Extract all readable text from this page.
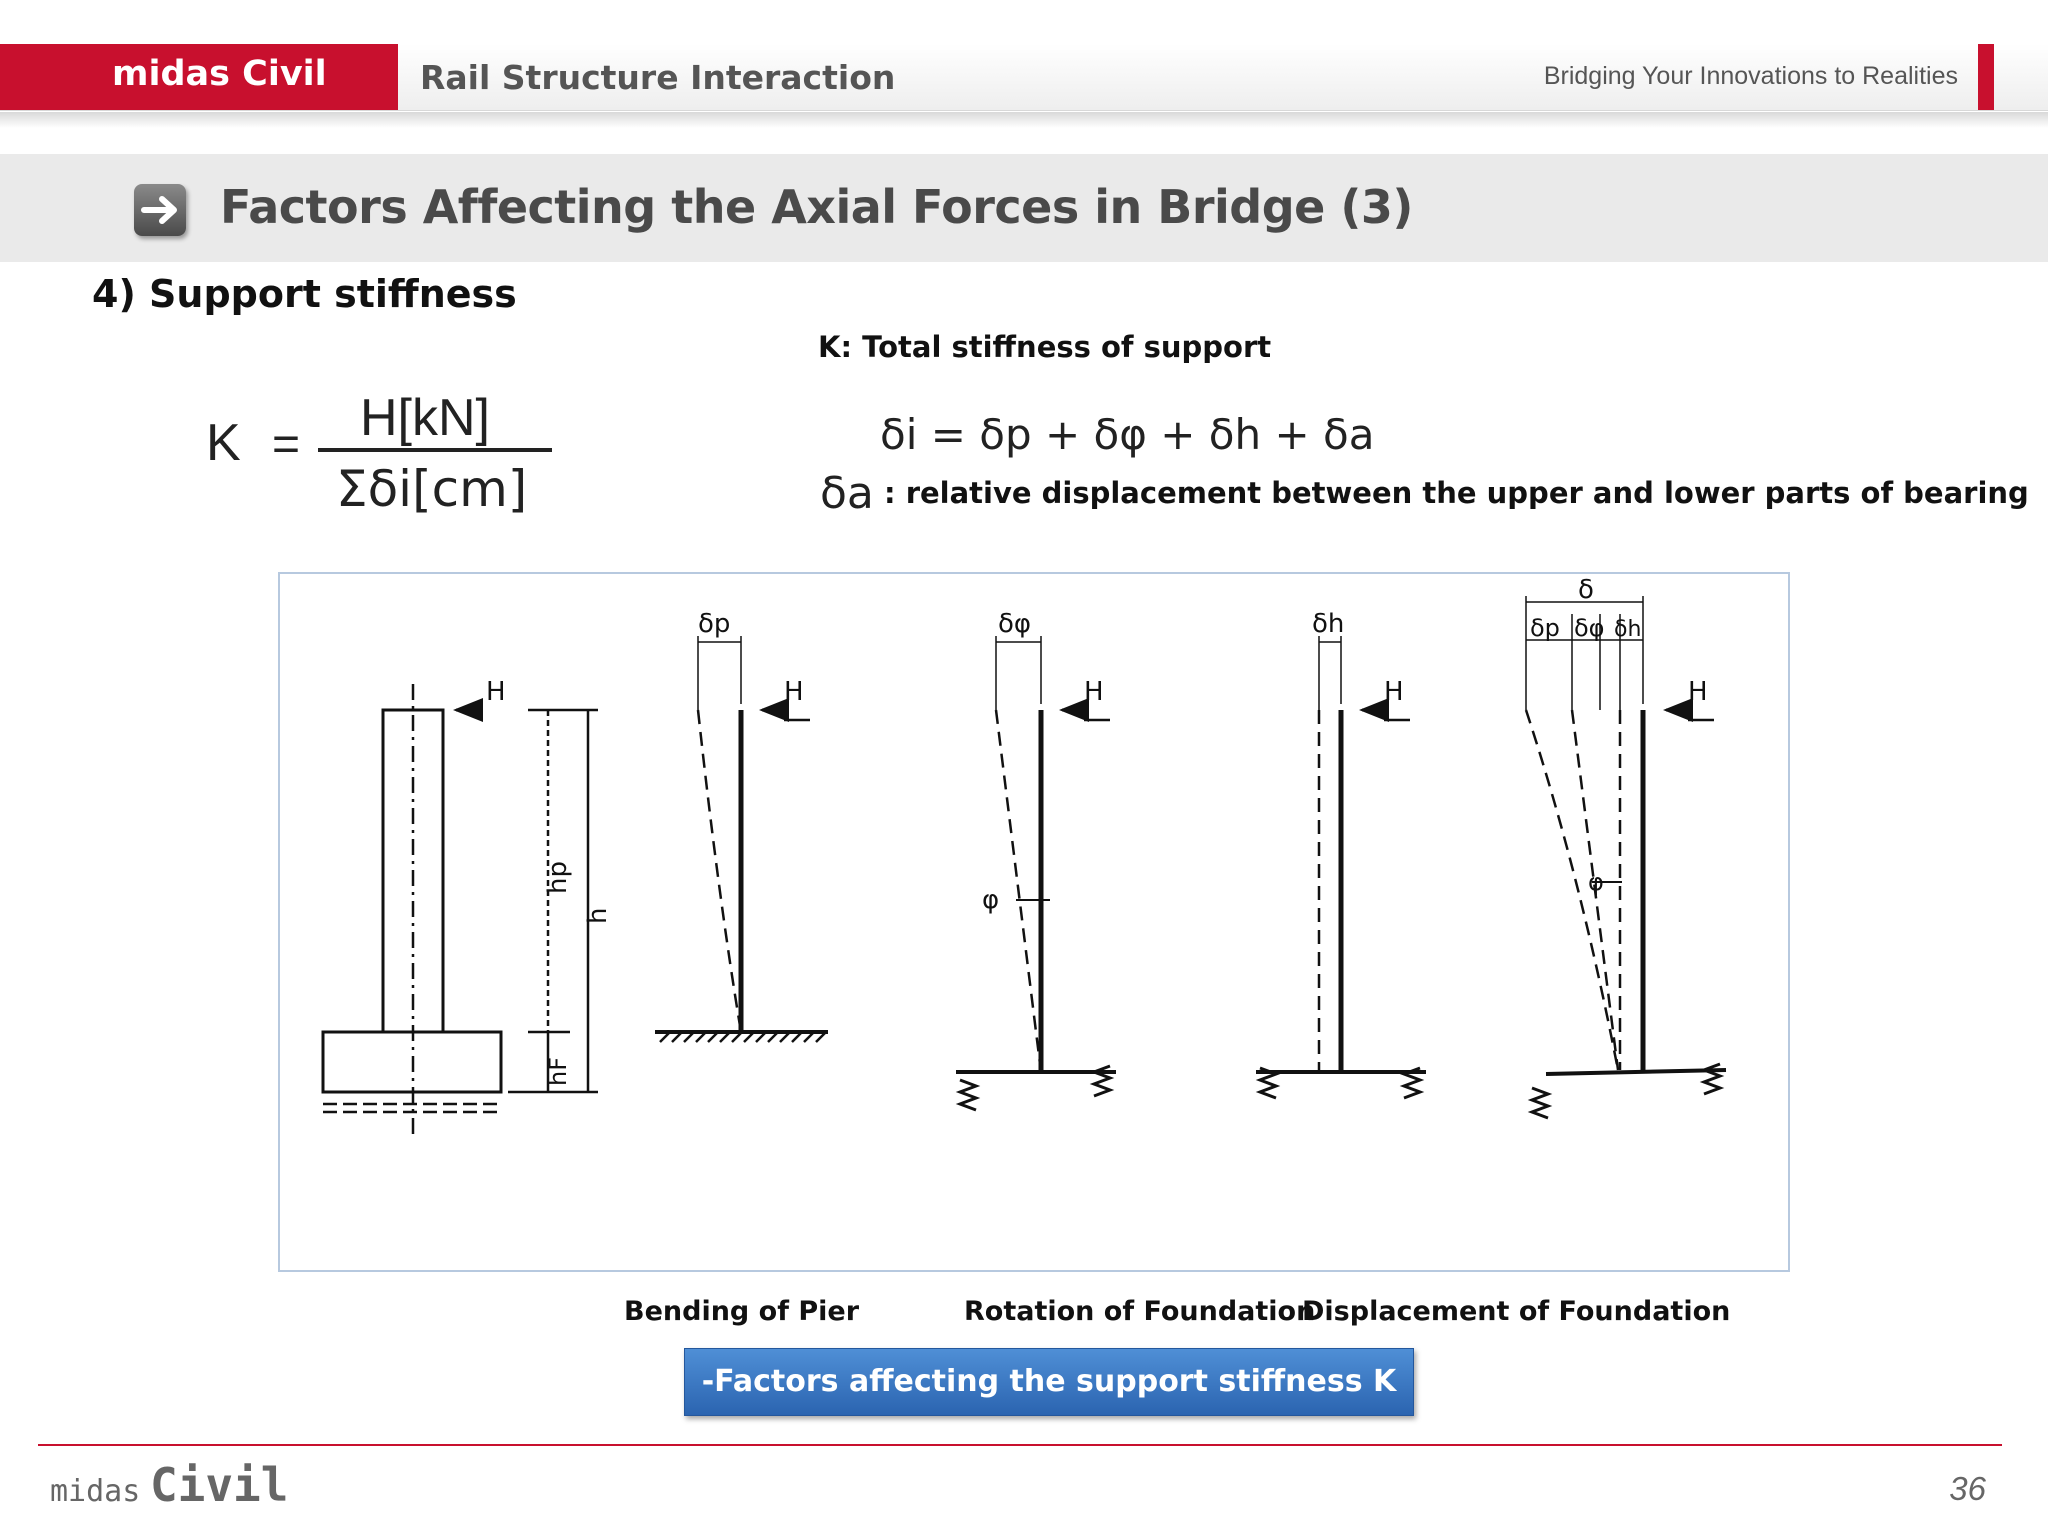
midas Civil	Rail Structure Interaction	Bridging Your Innovations to Realities
Factors Affecting the Axial Forces in Bridge (3)
4) Support stiffness
K: Total stiffness of support
K = H[kN]
Σδi[cm]
δi = δp + δφ + δh + δa
δa : relative displacement between the upper and lower parts of bearing
H
hp
h
hF
δp
H
δφ
H
φ
δh
H
δ
δp δφ δh
H
φ
Bending of Pier	Rotation of Foundation
Displacement of Foundation
-Factors affecting the support stiffness K
midas Civil	36
